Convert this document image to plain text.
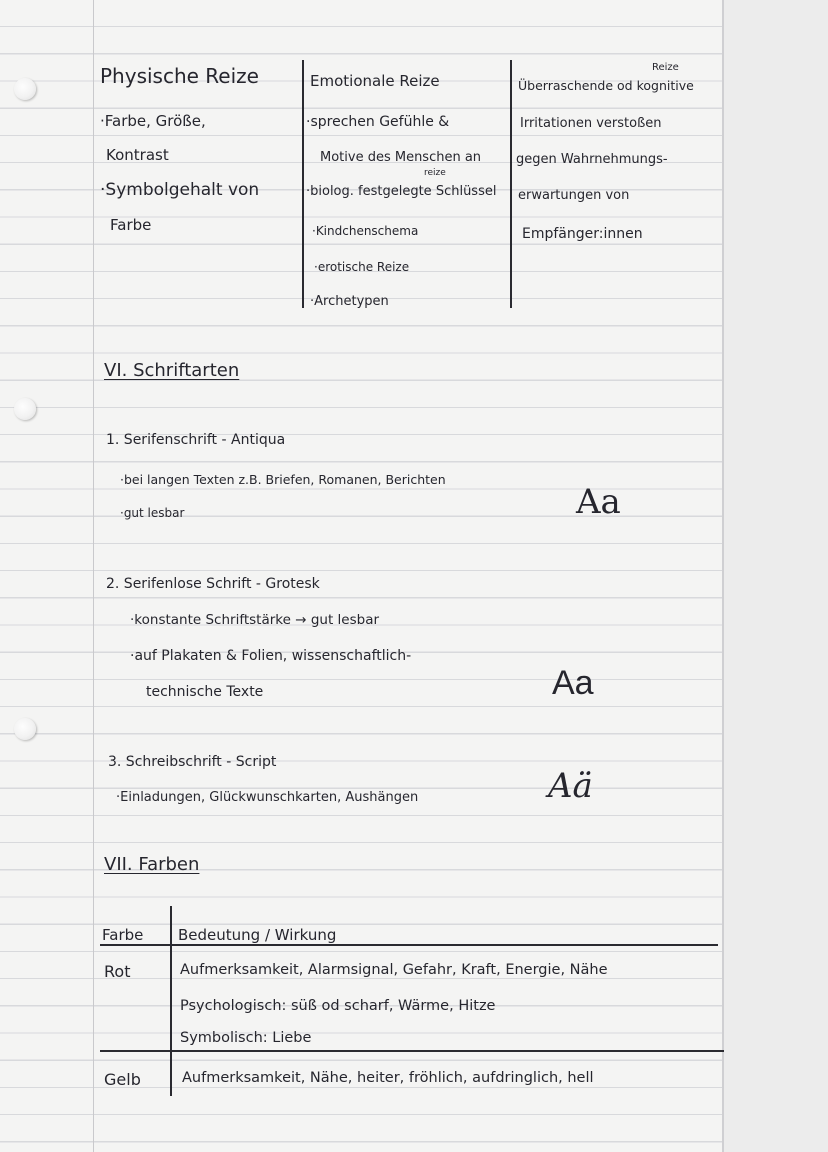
Physische Reize
·Farbe, Größe,
Kontrast
·Symbolgehalt von
Farbe
Emotionale Reize
·sprechen Gefühle &
Motive des Menschen an
reize
·biolog. festgelegte Schlüssel
·Kindchenschema
·erotische Reize
·Archetypen
Reize
Überraschende od kognitive
Irritationen verstoßen
gegen Wahrnehmungs-
erwartungen von
Empfänger:innen
VI. Schriftarten
1. Serifenschrift - Antiqua
·bei langen Texten z.B. Briefen, Romanen, Berichten
·gut lesbar	Aa
2. Serifenlose Schrift - Grotesk
·konstante Schriftstärke → gut lesbar
·auf Plakaten & Folien, wissenschaftlich-
technische Texte	Aa
3. Schreibschrift - Script
·Einladungen, Glückwunschkarten, Aushängen	Aä
VII. Farben
Farbe Bedeutung / Wirkung
Rot	Aufmerksamkeit, Alarmsignal, Gefahr, Kraft, Energie, Nähe
Psychologisch: süß od scharf, Wärme, Hitze
Symbolisch: Liebe
Gelb	Aufmerksamkeit, Nähe, heiter, fröhlich, aufdringlich, hell
